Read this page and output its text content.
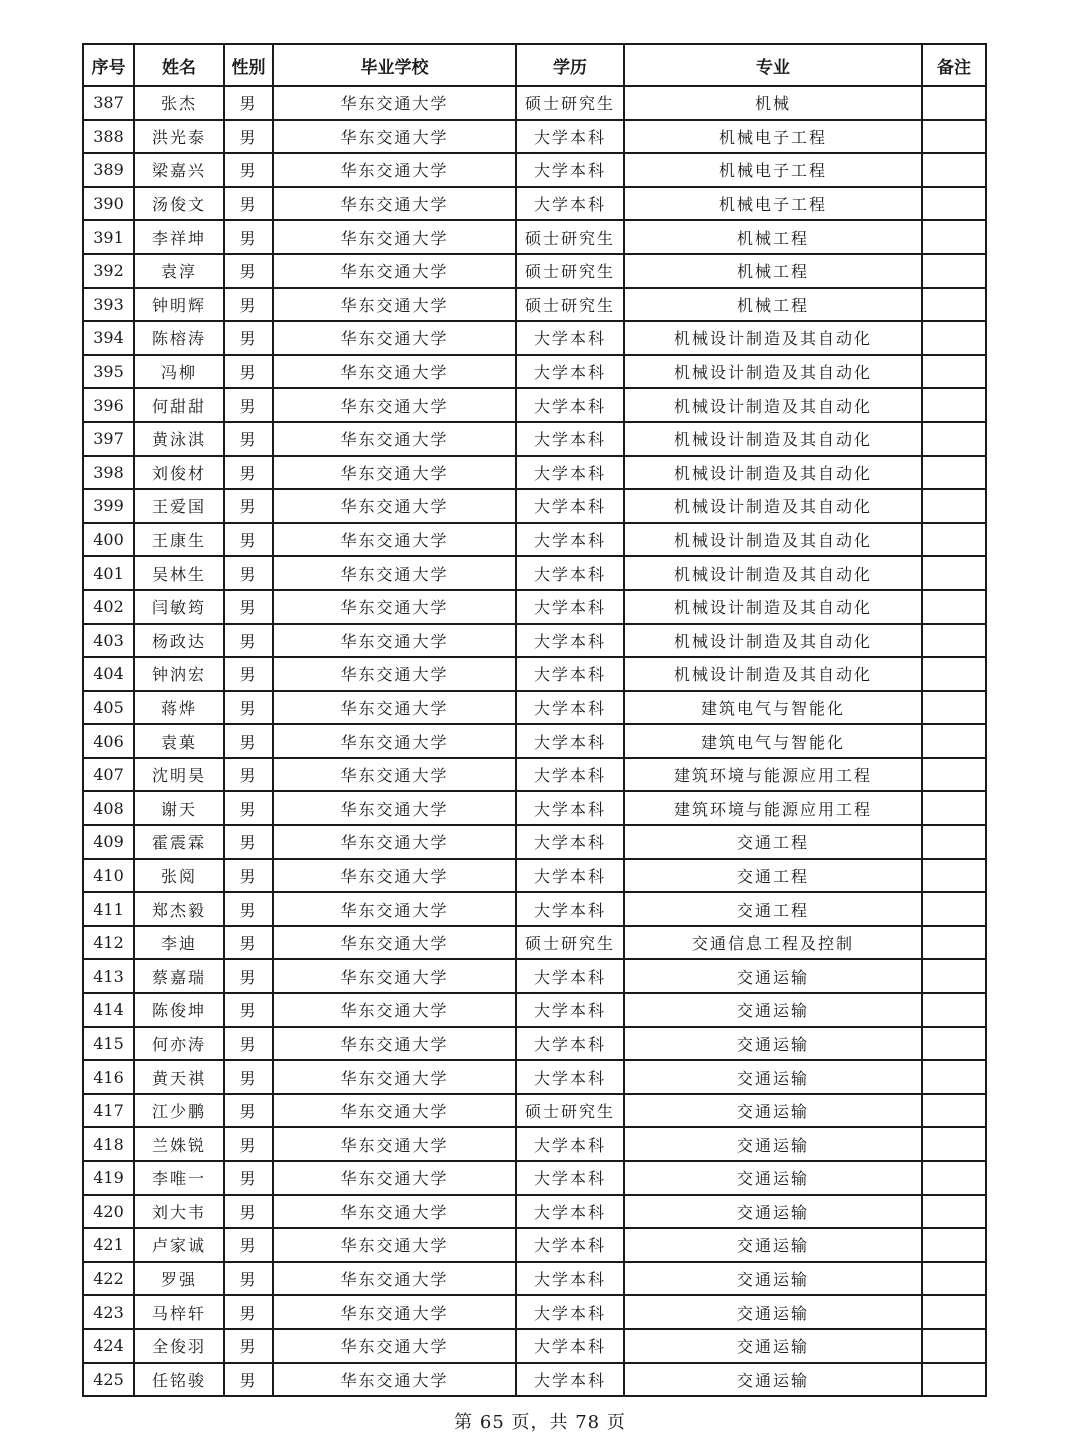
序号	姓名	性别	毕业学校	学历	专业	备注
387	张杰	男	华东交通大学	硕士研究生	机械	
388	洪光泰	男	华东交通大学	大学本科	机械电子工程	
389	梁嘉兴	男	华东交通大学	大学本科	机械电子工程	
390	汤俊文	男	华东交通大学	大学本科	机械电子工程	
391	李祥坤	男	华东交通大学	硕士研究生	机械工程	
392	袁淳	男	华东交通大学	硕士研究生	机械工程	
393	钟明辉	男	华东交通大学	硕士研究生	机械工程	
394	陈榕涛	男	华东交通大学	大学本科	机械设计制造及其自动化	
395	冯柳	男	华东交通大学	大学本科	机械设计制造及其自动化	
396	何甜甜	男	华东交通大学	大学本科	机械设计制造及其自动化	
397	黄泳淇	男	华东交通大学	大学本科	机械设计制造及其自动化	
398	刘俊材	男	华东交通大学	大学本科	机械设计制造及其自动化	
399	王爱国	男	华东交通大学	大学本科	机械设计制造及其自动化	
400	王康生	男	华东交通大学	大学本科	机械设计制造及其自动化	
401	吴林生	男	华东交通大学	大学本科	机械设计制造及其自动化	
402	闫敏筠	男	华东交通大学	大学本科	机械设计制造及其自动化	
403	杨政达	男	华东交通大学	大学本科	机械设计制造及其自动化	
404	钟汭宏	男	华东交通大学	大学本科	机械设计制造及其自动化	
405	蒋烨	男	华东交通大学	大学本科	建筑电气与智能化	
406	袁菓	男	华东交通大学	大学本科	建筑电气与智能化	
407	沈明昊	男	华东交通大学	大学本科	建筑环境与能源应用工程	
408	谢天	男	华东交通大学	大学本科	建筑环境与能源应用工程	
409	霍震霖	男	华东交通大学	大学本科	交通工程	
410	张阅	男	华东交通大学	大学本科	交通工程	
411	郑杰毅	男	华东交通大学	大学本科	交通工程	
412	李迪	男	华东交通大学	硕士研究生	交通信息工程及控制	
413	蔡嘉瑞	男	华东交通大学	大学本科	交通运输	
414	陈俊坤	男	华东交通大学	大学本科	交通运输	
415	何亦涛	男	华东交通大学	大学本科	交通运输	
416	黄天祺	男	华东交通大学	大学本科	交通运输	
417	江少鹏	男	华东交通大学	硕士研究生	交通运输	
418	兰姝锐	男	华东交通大学	大学本科	交通运输	
419	李唯一	男	华东交通大学	大学本科	交通运输	
420	刘大韦	男	华东交通大学	大学本科	交通运输	
421	卢家诚	男	华东交通大学	大学本科	交通运输	
422	罗强	男	华东交通大学	大学本科	交通运输	
423	马梓轩	男	华东交通大学	大学本科	交通运输	
424	全俊羽	男	华东交通大学	大学本科	交通运输	
425	任铭骏	男	华东交通大学	大学本科	交通运输	
第 65 页，共 78 页
